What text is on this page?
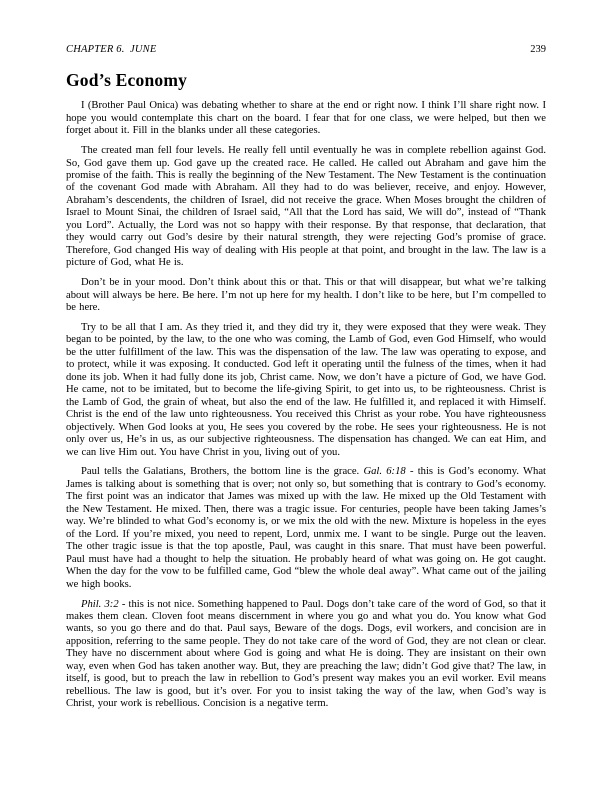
CHAPTER 6. JUNE	239
God’s Economy

I (Brother Paul Onica) was debating whether to share at the end or right now. I think I’ll share right now. I hope you would contemplate this chart on the board. I fear that for one class, we were helped, but then we forget about it. Fill in the blanks under all these categories.

The created man fell four levels. He really fell until eventually he was in complete rebellion against God. So, God gave them up. God gave up the created race. He called. He called out Abraham and gave him the promise of the faith. This is really the beginning of the New Testament. The New Testament is the continuation of the covenant God made with Abraham. All they had to do was believer, receive, and enjoy. However, Abraham’s descendents, the children of Israel, did not receive the grace. When Moses brought the children of Israel to Mount Sinai, the children of Israel said, “All that the Lord has said, We will do”, instead of “Thank you Lord”. Actually, the Lord was not so happy with their response. By that response, that declaration, that they would carry out God’s desire by their natural strength, they were rejecting God’s promise of grace. Therefore, God changed His way of dealing with His people at that point, and brought in the law. The law is a picture of God, what He is.

Don’t be in your mood. Don’t think about this or that. This or that will disappear, but what we’re talking about will always be here. Be here. I’m not up here for my health. I don’t like to be here, but I’m compelled to be here.

Try to be all that I am. As they tried it, and they did try it, they were exposed that they were weak. They began to be pointed, by the law, to the one who was coming, the Lamb of God, even God Himself, who would be the utter fulfillment of the law. This was the dispensation of the law. The law was operating to expose, and to protect, while it was exposing. It conducted. God left it operating until the fulness of the times, when it had done its job. When it had fully done its job, Christ came. Now, we don’t have a picture of God, we have God. He came, not to be imitated, but to become the life-giving Spirit, to get into us, to be righteousness. Christ is the Lamb of God, the grain of wheat, but also the end of the law. He fulfilled it, and replaced it with Himself. Christ is the end of the law unto righteousness. You received this Christ as your robe. You have righteousness objectively. When God looks at you, He sees you covered by the robe. He sees your righteousness. He is not only over us, He’s in us, as our subjective righteousness. The dispensation has changed. We can eat Him, and we can live Him out. You have Christ in you, living out of you.

Paul tells the Galatians, Brothers, the bottom line is the grace. Gal. 6:18 - this is God’s economy. What James is talking about is something that is over; not only so, but something that is contrary to God’s economy. The first point was an indicator that James was mixed up with the law. He mixed up the Old Testament with the New Testament. He mixed. Then, there was a tragic issue. For centuries, people have been taking James’s way. We’re blinded to what God’s economy is, or we mix the old with the new. Mixture is hopeless in the eyes of the Lord. If you’re mixed, you need to repent, Lord, unmix me. I want to be single. Purge out the leaven. The other tragic issue is that the top apostle, Paul, was caught in this snare. That must have been powerful. Paul must have had a thought to help the situation. He probably heard of what was going on. He got caught. When the day for the vow to be fulfilled came, God “blew the whole deal away”. What came out of the jailing we high books.

Phil. 3:2 - this is not nice. Something happened to Paul. Dogs don’t take care of the word of God, so that it makes them clean. Cloven foot means discernment in where you go and what you do. You know what God wants, so you go there and do that. Paul says, Beware of the dogs. Dogs, evil workers, and concision are in apposition, referring to the same people. They do not take care of the word of God, they are not clean or clear. They have no discernment about where God is going and what He is doing. They are insistant on their own way, even when God has taken another way. But, they are preaching the law; didn’t God give that? The law, in itself, is good, but to preach the law in rebellion to God’s present way makes you an evil worker. Evil means rebellious. The law is good, but it’s over. For you to insist taking the way of the law, when God’s way is Christ, your work is rebellious. Concision is a negative term.
